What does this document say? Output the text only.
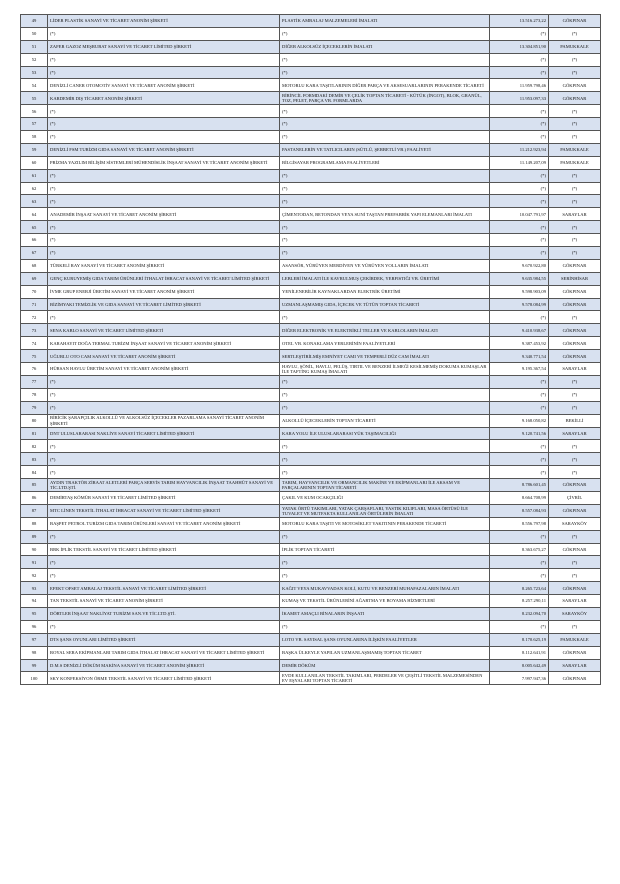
49	LİDER PLASTİK SANAYİ VE TİCARET ANONİM ŞİRKETİ	PLASTİK AMBALAJ MALZEMELERİ İMALATI	13.516.273,22	GÖKPINAR
50	(*)	(*)	(*)	(*)
51	ZAFER GAZOZ MEŞRUBAT SANAYİ VE TİCARET LİMİTED ŞİRKETİ	DİĞER ALKOLSÜZ İÇECEKLERİN İMALATI	13.304.851,90	PAMUKKALE
52	(*)	(*)	(*)	(*)
53	(*)	(*)	(*)	(*)
54	DENİZLİ CANER OTOMOTİV SANAYİ VE TİCARET ANONİM ŞİRKETİ	MOTORLU KARA TAŞITLARININ DİĞER PARÇA VE AKSESUARLARININ PERAKENDE TİCARETİ	11.959.798,46	GÖKPINAR
55	KARDEMİR DIŞ TİCARET ANONİM ŞİRKETİ	BİRİNCİL FORMDAKİ DEMİR VE ÇELİK TOPTAN TİCARETİ - KÜTÜK (İNGOT), BLOK, GRANÜL, TOZ, PELET, PARÇA VB. FORMLARDA	11.953.097,33	GÖKPINAR
56	(*)	(*)	(*)	(*)
57	(*)	(*)	(*)	(*)
58	(*)	(*)	(*)	(*)
59	DENİZLİ FSM TURİZM GIDA SANAYİ VE TİCARET ANONİM ŞİRKETİ	PASTANELERİN VE TATLICILARIN (SÜTLÜ, ŞERBETLİ VB.) FAALİYETİ	11.212.923,94	PAMUKKALE
60	PRİZMA YAZILIM BİLİŞİM SİSTEMLERİ MÜHENDİSLİK İNŞAAT SANAYİ VE TİCARET ANONİM ŞİRKETİ	BİLGİSAYAR PROGRAMLAMA FAALİYETLERİ	11.149.207,09	PAMUKKALE
61	(*)	(*)	(*)	(*)
62	(*)	(*)	(*)	(*)
63	(*)	(*)	(*)	(*)
64	ANADEMİR İNŞAAT SANAYİ VE TİCARET ANONİM ŞİRKETİ	ÇİMENTODAN, BETONDAN VEYA SUNİ TAŞTAN PREFABRİK YAPI ELEMANLARI İMALATI	10.047.791,97	SARAYLAR
65	(*)	(*)	(*)	(*)
66	(*)	(*)	(*)	(*)
67	(*)	(*)	(*)	(*)
68	TÜRKELİ RAY SANAYİ VE TİCARET ANONİM ŞİRKETİ	ASANSÖR, YÜRÜYEN MERDİVEN VE YÜRÜYEN YOLLARIN İMALATI	9.670.922,80	GÖKPINAR
69	GENÇ KURUYEMİŞ GIDA TARIM ÜRÜNLERİ İTHALAT İHRACAT SANAYİ VE TİCARET LİMİTED ŞİRKETİ	LEBLEBİ İMALATI İLE KAVRULMUŞ ÇEKİRDEK, YERFISTIĞI VB. ÜRETİMİ	9.635.984,55	SERİNHİSAR
70	İVME GRUP ENERJİ ÜRETİM SANAYİ VE TİCARET ANONİM ŞİRKETİ	YENİLENEBİLİR KAYNAKLARDAN ELEKTRİK ÜRETİMİ	9.598.903,09	GÖKPINAR
71	BİZİMYAKI TEMİZLİK VE GIDA SANAYİ VE TİCARET LİMİTED ŞİRKETİ	UZMANLAŞMAMIŞ GIDA, İÇECEK VE TÜTÜN TOPTAN TİCARETİ	9.578.084,99	GÖKPINAR
72	(*)	(*)	(*)	(*)
73	SENA KABLO SANAYİ VE TİCARET LİMİTED ŞİRKETİ	DİĞER ELEKTRONİK VE ELEKTRİKLİ TELLER VE KABLOLARIN İMALATI	9.410.938,67	GÖKPINAR
74	KARAHAYIT DOĞA TERMAL TURİZM İNŞAAT SANAYİ VE TİCARET ANONİM ŞİRKETİ	OTEL VB. KONAKLAMA YERLERİNİN FAALİYETLERİ	9.387.453,92	GÖKPINAR
75	UĞURLU OTO CAM SANAYİ VE TİCARET ANONİM ŞİRKETİ	SERTLEŞTİRİLMİŞ EMNİYET CAMI VE TEMPERLİ DÜZ CAM İMALATI	9.340.771,54	GÖKPINAR
76	HÜRSAN HAVLU ÜRETİM SANAYİ VE TİCARET ANONİM ŞİRKETİ	HAVLU, ŞÖNİL, HAVLU, PELÜŞ, TIRTIL VE BENZERİ İLMEĞİ KESİLMEMİŞ DOKUMA KUMAŞLAR İLE TAFTİNG KUMAŞ İMALATI	9.195.367,54	SARAYLAR
77	(*)	(*)	(*)	(*)
78	(*)	(*)	(*)	(*)
79	(*)	(*)	(*)	(*)
80	BİRİCİK ŞARAPÇILIK ALKOLLÜ VE ALKOLSÜZ İÇECEKLER PAZARLAMA SANAYİ TİCARET ANONİM ŞİRKETİ	ALKOLLÜ İÇECEKLERİN TOPTAN TİCARETİ	9.168.050,82	BEKİLLİ
81	DNT ULUSLARARASI NAKLİYE SANAYİ TİCARET LİMİTED ŞİRKETİ	KARA YOLU İLE ULUSLARARASI YÜK TAŞIMACILIĞI	9.120.741,56	SARAYLAR
82	(*)	(*)	(*)	(*)
83	(*)	(*)	(*)	(*)
84	(*)	(*)	(*)	(*)
85	AYDIN TRAKTÖR ZİRAAT ALETLERİ PARÇA SERVİS TARIM HAYVANCILIK İNŞAAT TAAHHÜT SANAYİ VE TİC.LTD.ŞTİ.	TARIM, HAYVANCILIK VE ORMANCILIK MAKİNE VE EKİPMANLARI İLE AKSAM VE PARÇALARININ TOPTAN TİCARETİ	8.786.601,45	GÖKPINAR
86	DEMİRTAŞ KÖMÜR SANAYİ VE TİCARET LİMİTED ŞİRKETİ	ÇAKIL VE KUM OCAKÇILIĞI	8.664.708,99	ÇİVRİL
87	MTC LİNEN TEKSTİL İTHALAT İHRACAT SANAYİ VE TİCARET LİMİTED ŞİRKETİ	YATAK ÖRTÜ TAKIMLARI, YATAK ÇARŞAFLARI, YASTIK KILIFLARI, MASA ÖRTÜSÜ İLE TUVALET VE MUTFAKTA KULLANILAN ÖRTÜLERİN İMALATI	8.557.084,93	GÖKPINAR
88	BAŞPET PETROL TURİZM GIDA TARIM ÜRÜNLERİ SANAYİ VE TİCARET ANONİM ŞİRKETİ	MOTORLU KARA TAŞITI VE MOTOSİKLET YAKITININ PERAKENDE TİCARETİ	8.556.797,98	SARAYKÖY
89	(*)	(*)	(*)	(*)
90	BRK İPLİK TEKSTİL SANAYİ VE TİCARET LİMİTED ŞİRKETİ	İPLİK TOPTAN TİCARETİ	8.363.675,27	GÖKPINAR
91	(*)	(*)	(*)	(*)
92	(*)	(*)	(*)	(*)
93	EFEKT OFSET AMBALAJ TEKSTİL SANAYİ VE TİCARET LİMİTED ŞİRKETİ	KAĞIT VEYA MUKAVVADAN KOLİ, KUTU VE BENZERİ MUHAFAZALARIN İMALATI	8.265.723,64	GÖKPINAR
94	TAN TEKSTİL SANAYİ VE TİCARET ANONİM ŞİRKETİ	KUMAŞ VE TEKSTİL ÜRÜNLERİNİ AĞARTMA VE BOYAMA HİZMETLERİ	8.257.290,11	SARAYLAR
95	DÖRTLER İNŞAAT NAKLİYAT TURİZM SAN.VE TİC.LTD.ŞTİ.	İKAMET AMAÇLI BİNALARIN İNŞAATI	8.232.094,70	SARAYKÖY
96	(*)	(*)	(*)	(*)
97	DTS ŞANS OYUNLARI LİMİTED ŞİRKETİ	LOTO VB. SAYISAL ŞANS OYUNLARINA İLİŞKİN FAALİYETLER	8.170.625,19	PAMUKKALE
98	ROYAL SERA EKİPMANLARI TARIM GIDA İTHALAT İHRACAT SANAYİ VE TİCARET LİMİTED ŞİRKETİ	BAŞKA ÜLKEYLE YAPILAN UZMANLAŞMAMIŞ TOPTAN TİCARET	8.112.641,91	GÖKPINAR
99	D.M.S DENİZLİ DÖKÜM MAKİNA SANAYİ VE TİCARET ANONİM ŞİRKETİ	DEMİR DÖKÜM	8.005.642,49	SARAYLAR
100	SKY KONFEKSİYON ÖRME TEKSTİL SANAYİ VE TİCARET LİMİTED ŞİRKETİ	EVDE KULLANILAN TEKSTİL TAKIMLARI, PERDELER VE ÇEŞİTLİ TEKSTİL MALZEMESİNDEN EV EŞYALARI TOPTAN TİCARETİ	7.997.947,36	GÖKPINAR
